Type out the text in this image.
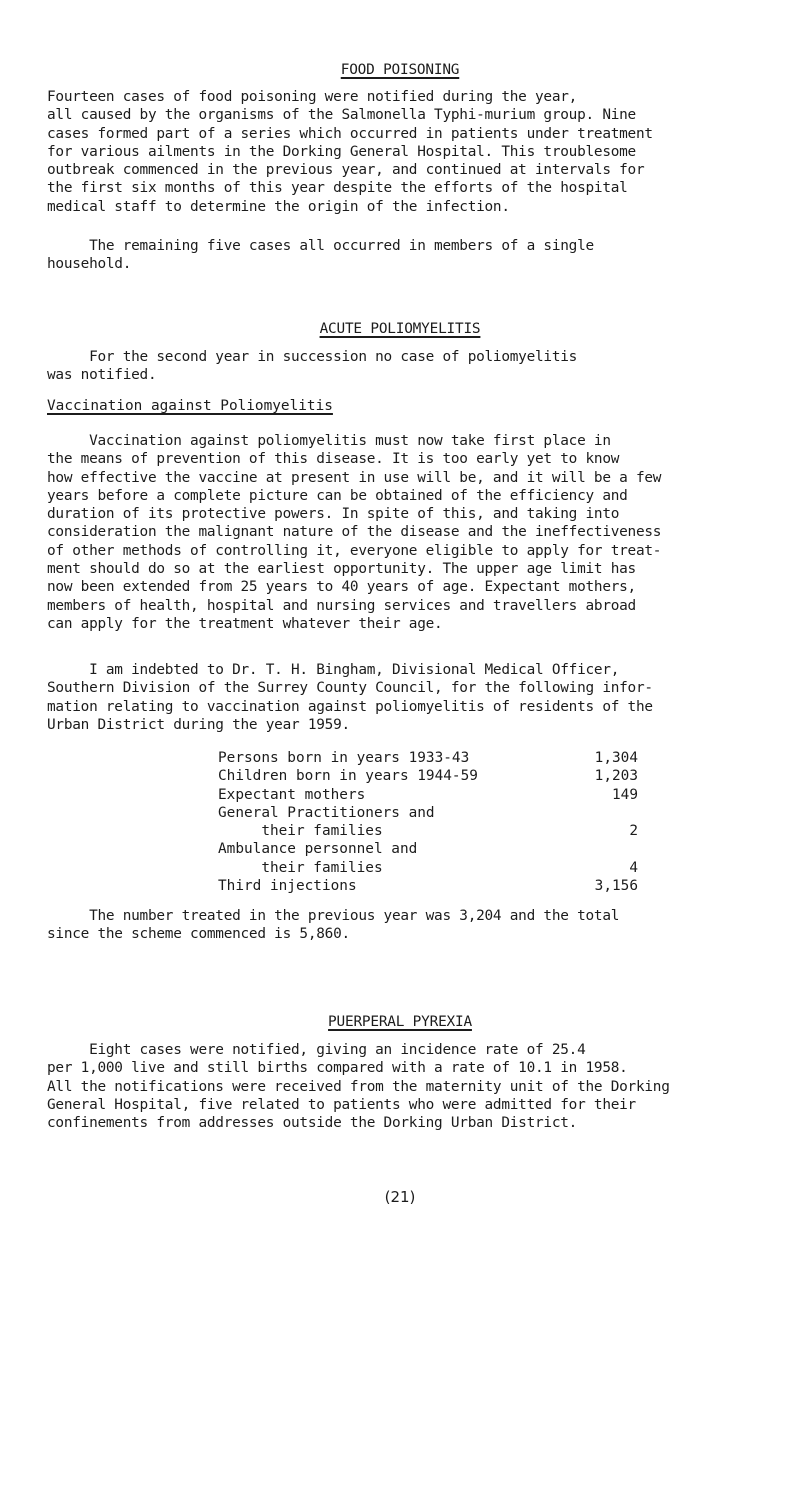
FOOD POISONING

Fourteen cases of food poisoning were notified during the year,
all caused by the organisms of the Salmonella Typhi-murium group. Nine
cases formed part of a series which occurred in patients under treatment
for various ailments in the Dorking General Hospital. This troublesome
outbreak commenced in the previous year, and continued at intervals for
the first six months of this year despite the efforts of the hospital
medical staff to determine the origin of the infection.

The remaining five cases all occurred in members of a single
household.

ACUTE POLIOMYELITIS

For the second year in succession no case of poliomyelitis
was notified.

Vaccination against Poliomyelitis

Vaccination against poliomyelitis must now take first place in
the means of prevention of this disease. It is too early yet to know
how effective the vaccine at present in use will be, and it will be a few
years before a complete picture can be obtained of the efficiency and
duration of its protective powers. In spite of this, and taking into
consideration the malignant nature of the disease and the ineffectiveness
of other methods of controlling it, everyone eligible to apply for treat-
ment should do so at the earliest opportunity. The upper age limit has
now been extended from 25 years to 40 years of age. Expectant mothers,
members of health, hospital and nursing services and travellers abroad
can apply for the treatment whatever their age.

I am indebted to Dr. T. H. Bingham, Divisional Medical Officer,
Southern Division of the Surrey County Council, for the following infor-
mation relating to vaccination against poliomyelitis of residents of the
Urban District during the year 1959.

Persons born in years 1933-43	1,304
Children born in years 1944-59	1,203
Expectant mothers	149
General Practitioners and
their families	2
Ambulance personnel and
their families	4
Third injections	3,156

The number treated in the previous year was 3,204 and the total
since the scheme commenced is 5,860.

PUERPERAL PYREXIA

Eight cases were notified, giving an incidence rate of 25.4
per 1,000 live and still births compared with a rate of 10.1 in 1958.
All the notifications were received from the maternity unit of the Dorking
General Hospital, five related to patients who were admitted for their
confinements from addresses outside the Dorking Urban District.

(21)
